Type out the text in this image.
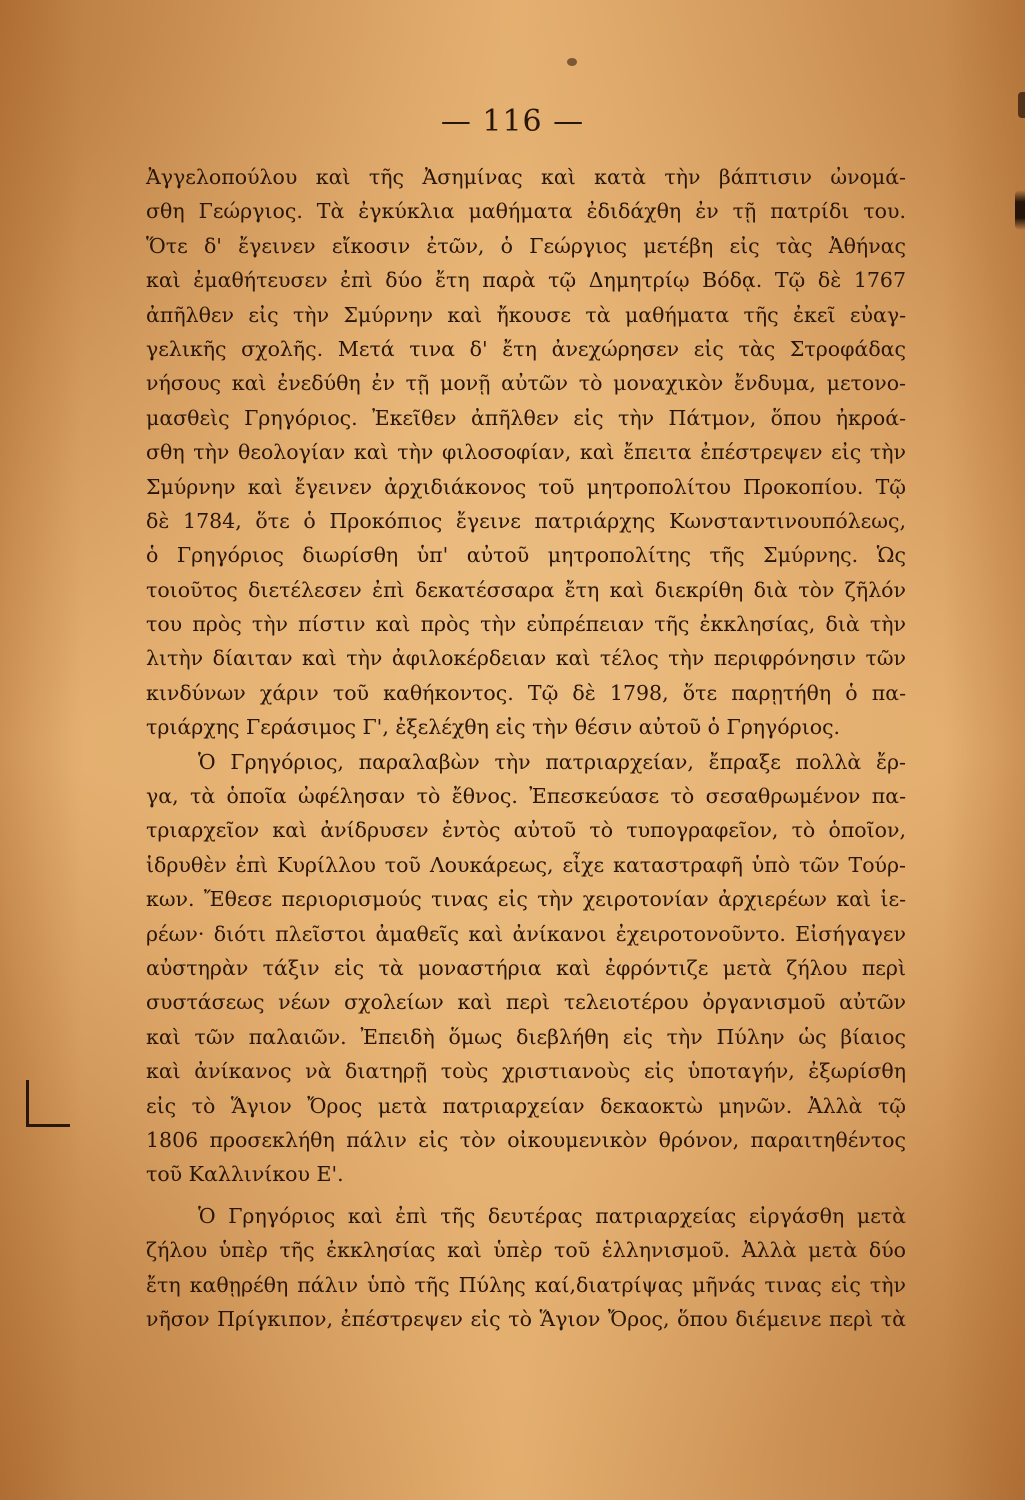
— 116 —
Ἀγγελοπούλου καὶ τῆς Ἀσημίνας καὶ κατὰ τὴν βάπτισιν ὠνομά-
σθη Γεώργιος. Τὰ ἐγκύκλια μαθήματα ἐδιδάχθη ἐν τῇ πατρίδι του.
Ὅτε δ' ἔγεινεν εἴκοσιν ἐτῶν, ὁ Γεώργιος μετέβη εἰς τὰς Ἀθήνας
καὶ ἐμαθήτευσεν ἐπὶ δύο ἔτη παρὰ τῷ Δημητρίῳ Βόδᾳ. Τῷ δὲ 1767
ἀπῆλθεν εἰς τὴν Σμύρνην καὶ ἤκουσε τὰ μαθήματα τῆς ἐκεῖ εὐαγ-
γελικῆς σχολῆς. Μετά τινα δ' ἔτη ἀνεχώρησεν εἰς τὰς Στροφάδας
νήσους καὶ ἐνεδύθη ἐν τῇ μονῇ αὐτῶν τὸ μοναχικὸν ἔνδυμα, μετονο-
μασθεὶς Γρηγόριος. Ἐκεῖθεν ἀπῆλθεν εἰς τὴν Πάτμον, ὅπου ἠκροά-
σθη τὴν θεολογίαν καὶ τὴν φιλοσοφίαν, καὶ ἔπειτα ἐπέστρεψεν εἰς τὴν
Σμύρνην καὶ ἔγεινεν ἀρχιδιάκονος τοῦ μητροπολίτου Προκοπίου. Τῷ
δὲ 1784, ὅτε ὁ Προκόπιος ἔγεινε πατριάρχης Κωνσταντινουπόλεως,
ὁ Γρηγόριος διωρίσθη ὑπ' αὐτοῦ μητροπολίτης τῆς Σμύρνης. Ὡς
τοιοῦτος διετέλεσεν ἐπὶ δεκατέσσαρα ἔτη καὶ διεκρίθη διὰ τὸν ζῆλόν
του πρὸς τὴν πίστιν καὶ πρὸς τὴν εὐπρέπειαν τῆς ἐκκλησίας, διὰ τὴν
λιτὴν δίαιταν καὶ τὴν ἀφιλοκέρδειαν καὶ τέλος τὴν περιφρόνησιν τῶν
κινδύνων χάριν τοῦ καθήκοντος. Τῷ δὲ 1798, ὅτε παρῃτήθη ὁ πα-
τριάρχης Γεράσιμος Γ', ἐξελέχθη εἰς τὴν θέσιν αὐτοῦ ὁ Γρηγόριος.
Ὁ Γρηγόριος, παραλαβὼν τὴν πατριαρχείαν, ἔπραξε πολλὰ ἔρ-
γα, τὰ ὁποῖα ὠφέλησαν τὸ ἔθνος. Ἐπεσκεύασε τὸ σεσαθρωμένον πα-
τριαρχεῖον καὶ ἀνίδρυσεν ἐντὸς αὐτοῦ τὸ τυπογραφεῖον, τὸ ὁποῖον,
ἱδρυθὲν ἐπὶ Κυρίλλου τοῦ Λουκάρεως, εἶχε καταστραφῆ ὑπὸ τῶν Τούρ-
κων. Ἔθεσε περιορισμούς τινας εἰς τὴν χειροτονίαν ἀρχιερέων καὶ ἱε-
ρέων· διότι πλεῖστοι ἀμαθεῖς καὶ ἀνίκανοι ἐχειροτονοῦντο. Εἰσήγαγεν
αὐστηρὰν τάξιν εἰς τὰ μοναστήρια καὶ ἐφρόντιζε μετὰ ζήλου περὶ
συστάσεως νέων σχολείων καὶ περὶ τελειοτέρου ὀργανισμοῦ αὐτῶν
καὶ τῶν παλαιῶν. Ἐπειδὴ ὅμως διεβλήθη εἰς τὴν Πύλην ὡς βίαιος
καὶ ἀνίκανος νὰ διατηρῇ τοὺς χριστιανοὺς εἰς ὑποταγήν, ἐξωρίσθη
εἰς τὸ Ἅγιον Ὄρος μετὰ πατριαρχείαν δεκαοκτὼ μηνῶν. Ἀλλὰ τῷ
1806 προσεκλήθη πάλιν εἰς τὸν οἰκουμενικὸν θρόνον, παραιτηθέντος
τοῦ Καλλινίκου Ε'.
Ὁ Γρηγόριος καὶ ἐπὶ τῆς δευτέρας πατριαρχείας εἰργάσθη μετὰ
ζήλου ὑπὲρ τῆς ἐκκλησίας καὶ ὑπὲρ τοῦ ἑλληνισμοῦ. Ἀλλὰ μετὰ δύο
ἔτη καθῃρέθη πάλιν ὑπὸ τῆς Πύλης καί,διατρίψας μῆνάς τινας εἰς τὴν
νῆσον Πρίγκιπον, ἐπέστρεψεν εἰς τὸ Ἅγιον Ὄρος, ὅπου διέμεινε περὶ τὰ
